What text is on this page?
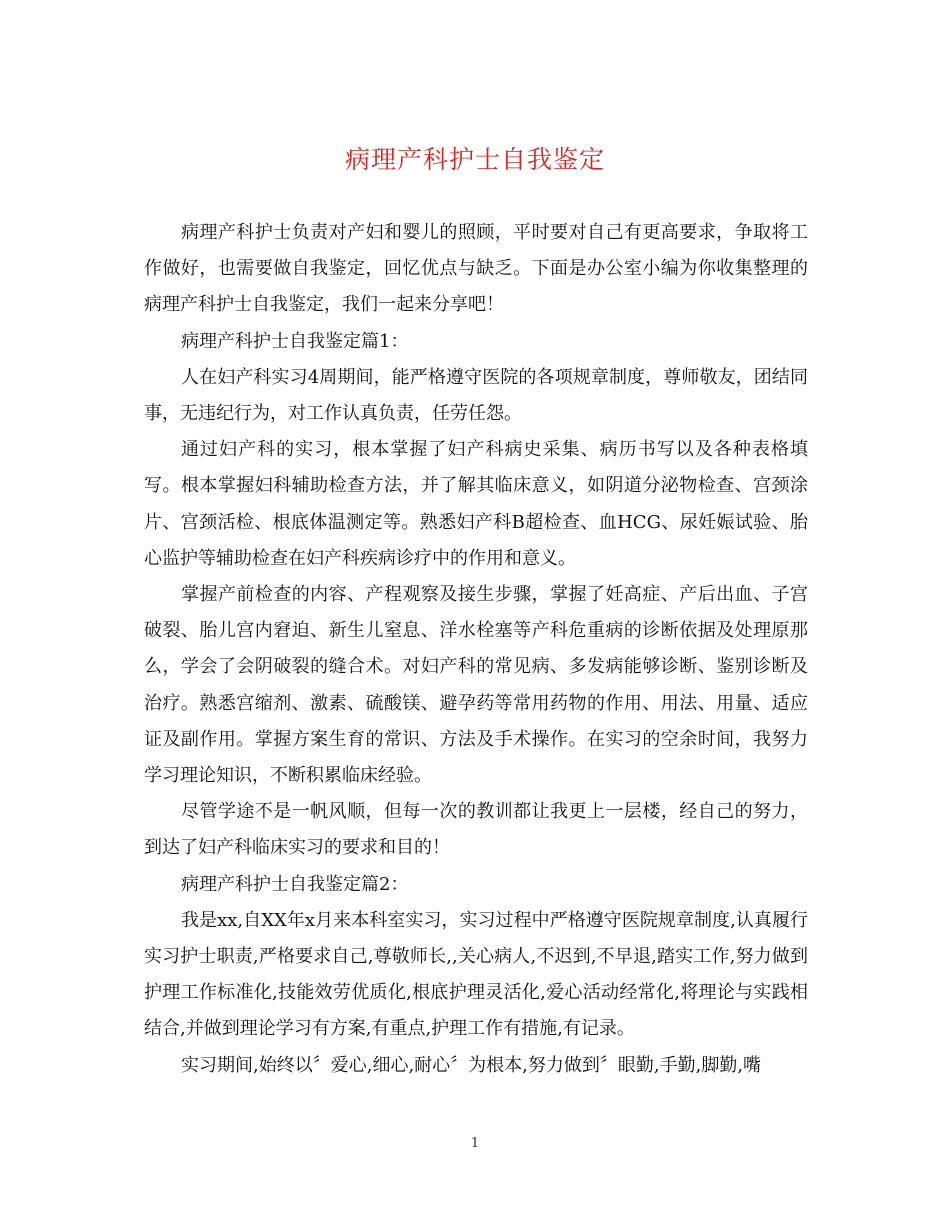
病理产科护士自我鉴定

病理产科护士负责对产妇和婴儿的照顾，平时要对自己有更高要求，争取将工作做好，也需要做自我鉴定，回忆优点与缺乏。下面是办公室小编为你收集整理的病理产科护士自我鉴定，我们一起来分享吧！

病理产科护士自我鉴定篇1：

人在妇产科实习4周期间，能严格遵守医院的各项规章制度，尊师敬友，团结同事，无违纪行为，对工作认真负责，任劳任怨。

通过妇产科的实习，根本掌握了妇产科病史采集、病历书写以及各种表格填写。根本掌握妇科辅助检查方法，并了解其临床意义，如阴道分泌物检查、宫颈涂片、宫颈活检、根底体温测定等。熟悉妇产科B超检查、血HCG、尿妊娠试验、胎心监护等辅助检查在妇产科疾病诊疗中的作用和意义。

掌握产前检查的内容、产程观察及接生步骤，掌握了妊高症、产后出血、子宫破裂、胎儿宫内窘迫、新生儿窒息、洋水栓塞等产科危重病的诊断依据及处理原那么，学会了会阴破裂的缝合术。对妇产科的常见病、多发病能够诊断、鉴别诊断及治疗。熟悉宫缩剂、激素、硫酸镁、避孕药等常用药物的作用、用法、用量、适应证及副作用。掌握方案生育的常识、方法及手术操作。在实习的空余时间，我努力学习理论知识，不断积累临床经验。

尽管学途不是一帆风顺，但每一次的教训都让我更上一层楼，经自己的努力，到达了妇产科临床实习的要求和目的！

病理产科护士自我鉴定篇2：

我是xx,自XX年x月来本科室实习，实习过程中严格遵守医院规章制度,认真履行实习护士职责,严格要求自己,尊敬师长,,关心病人,不迟到,不早退,踏实工作,努力做到护理工作标准化,技能效劳优质化,根底护理灵活化,爱心活动经常化,将理论与实践相结合,并做到理论学习有方案,有重点,护理工作有措施,有记录。

实习期间,始终以〞爱心,细心,耐心〞为根本,努力做到〞眼勤,手勤,脚勤,嘴

1
